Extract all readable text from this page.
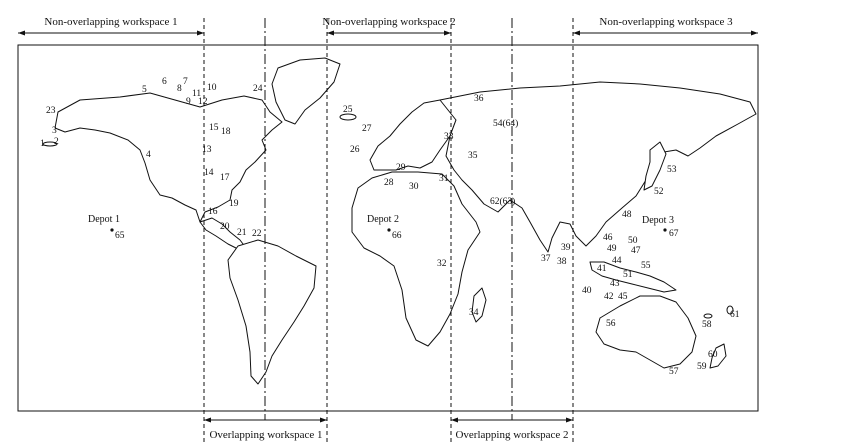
Non-overlapping workspace 1	Non-overlapping workspace 2	Non-overlapping workspace 3
Overlapping workspace 1	Overlapping workspace 2
Depot 1
65
Depot 2
66
Depot 3
67
1 2
3
4
5
6 7
8
9
10
11
12
13
14
15
16
17
18
19
20
21 22
23
24
25
26
27
28
29
30
31
32
33
34
35
36
37 38
39
40
41
42
43
44
45
46
47
48
49
50
51
52
53
54(64)
55
56
57
58
59
60
61
62(63)
